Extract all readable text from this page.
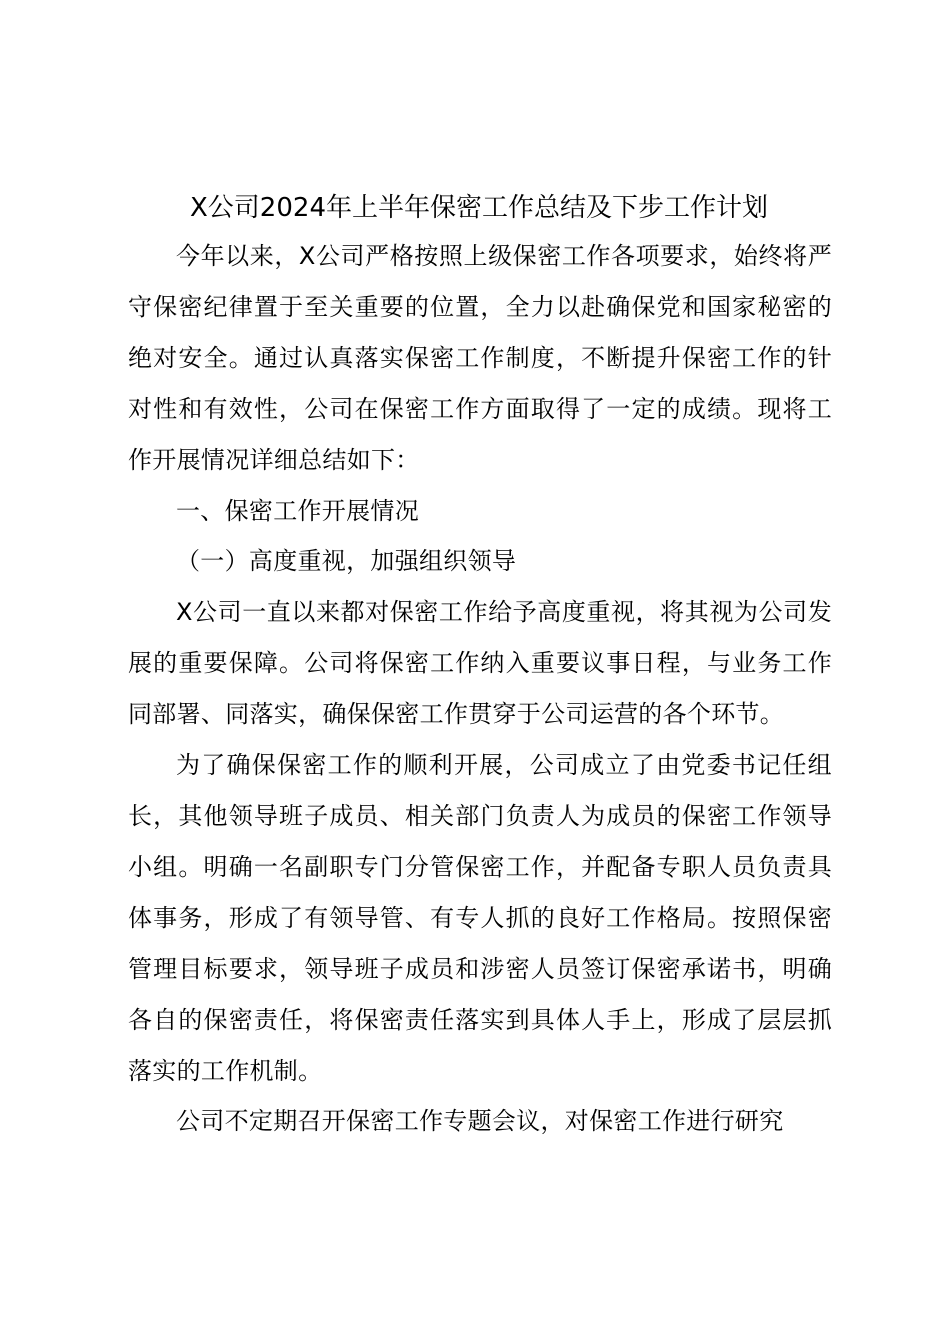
X公司2024年上半年保密工作总结及下步工作计划

今年以来，X公司严格按照上级保密工作各项要求，始终将严守保密纪律置于至关重要的位置，全力以赴确保党和国家秘密的绝对安全。通过认真落实保密工作制度，不断提升保密工作的针对性和有效性，公司在保密工作方面取得了一定的成绩。现将工作开展情况详细总结如下：

一、保密工作开展情况

（一）高度重视，加强组织领导

X公司一直以来都对保密工作给予高度重视，将其视为公司发展的重要保障。公司将保密工作纳入重要议事日程，与业务工作同部署、同落实，确保保密工作贯穿于公司运营的各个环节。

为了确保保密工作的顺利开展，公司成立了由党委书记任组长，其他领导班子成员、相关部门负责人为成员的保密工作领导小组。明确一名副职专门分管保密工作，并配备专职人员负责具体事务，形成了有领导管、有专人抓的良好工作格局。按照保密管理目标要求，领导班子成员和涉密人员签订保密承诺书，明确各自的保密责任，将保密责任落实到具体人手上，形成了层层抓落实的工作机制。

公司不定期召开保密工作专题会议，对保密工作进行研究
